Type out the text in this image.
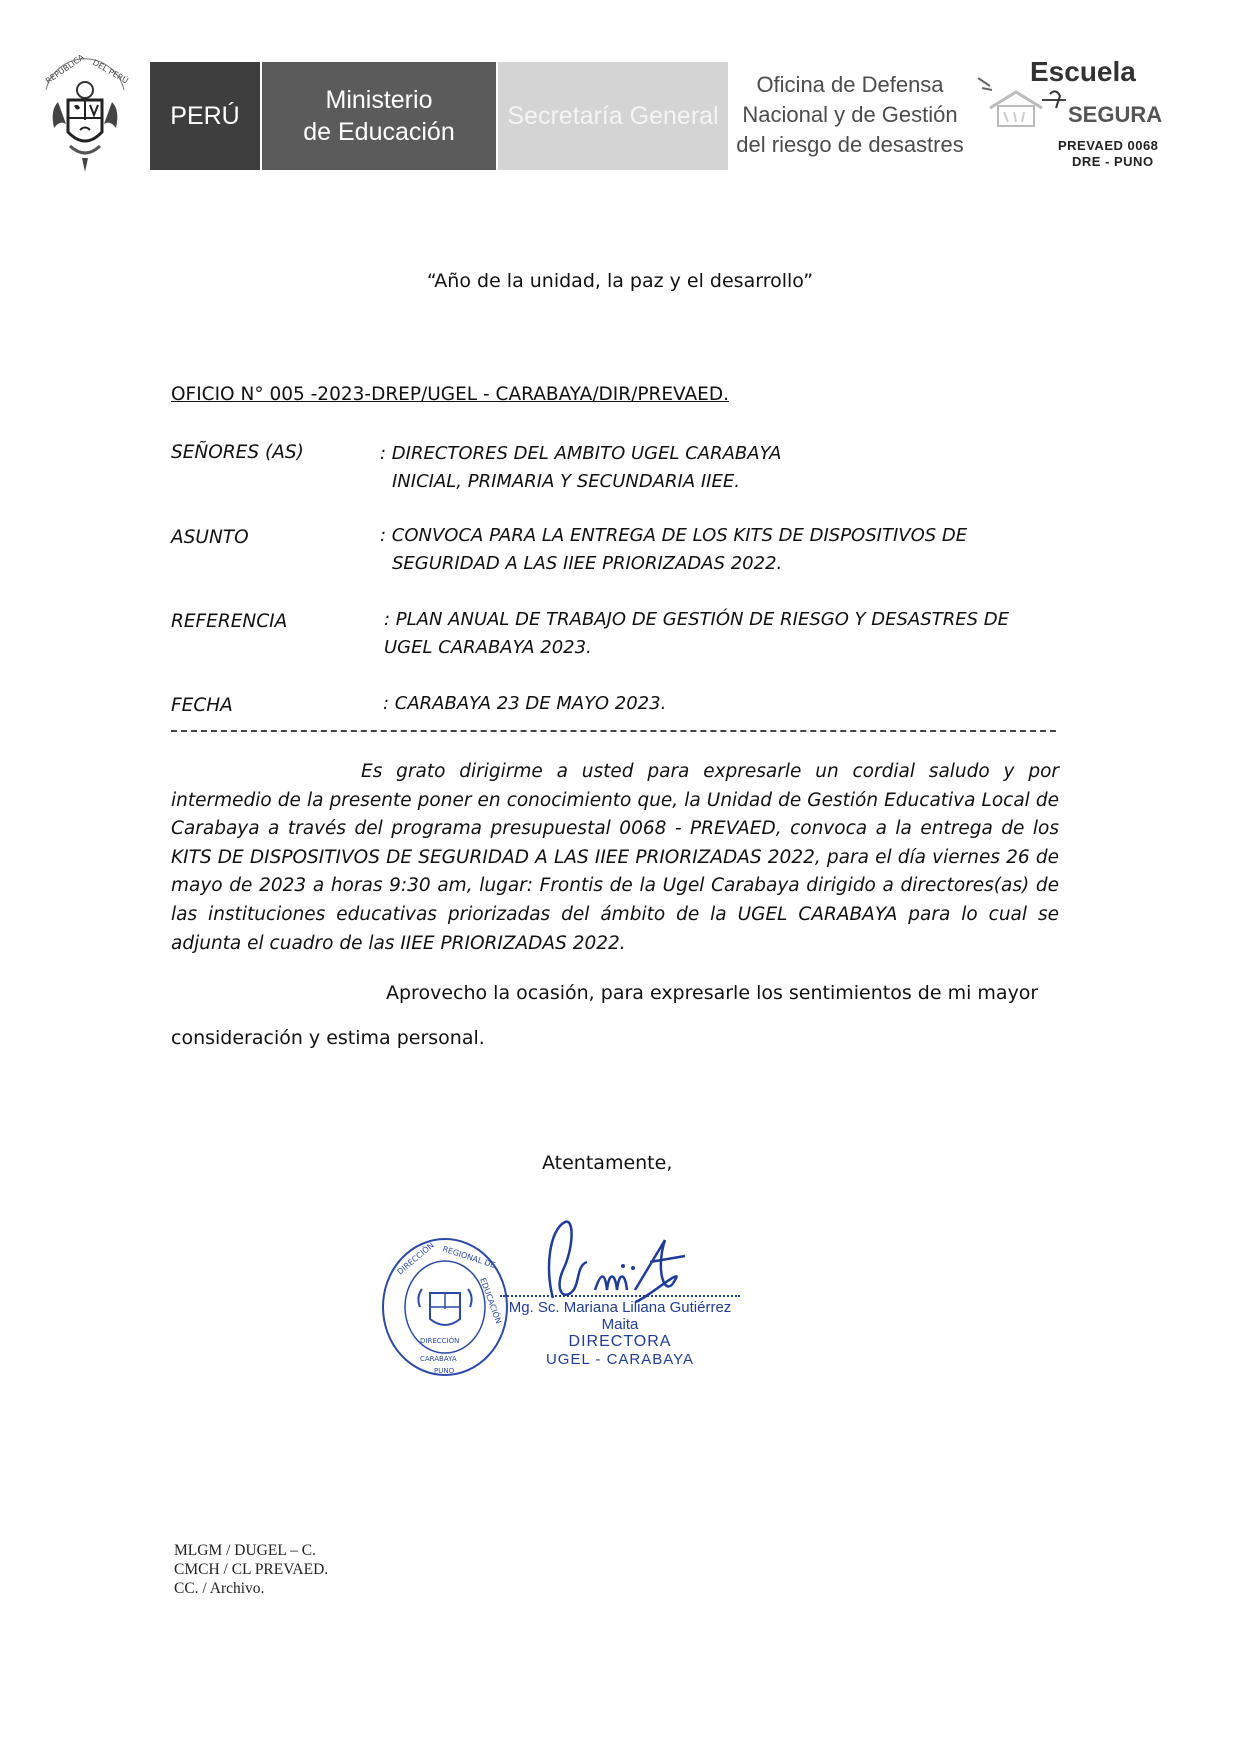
REPÚBLICA DEL PERÚ
PERÚ
Ministerio
de Educación
Secretaría General
Oficina de Defensa
Nacional y de Gestión
del riesgo de desastres
Escuela
SEGURA
PREVAED 0068
DRE - PUNO
“Año de la unidad, la paz y el desarrollo”
OFICIO N° 005 -2023-DREP/UGEL - CARABAYA/DIR/PREVAED.
SEÑORES (AS)	: DIRECTORES DEL AMBITO UGEL CARABAYA
INICIAL, PRIMARIA Y SECUNDARIA IIEE.
ASUNTO	: CONVOCA PARA LA ENTREGA DE LOS KITS DE DISPOSITIVOS DE
SEGURIDAD A LAS IIEE PRIORIZADAS 2022.
REFERENCIA	: PLAN ANUAL DE TRABAJO DE GESTIÓN DE RIESGO Y DESASTRES DE
UGEL CARABAYA 2023.
FECHA	: CARABAYA 23 DE MAYO 2023.
Es grato dirigirme a usted para expresarle un cordial saludo y por intermedio de la presente poner en conocimiento que, la Unidad de Gestión Educativa Local de Carabaya a través del programa presupuestal 0068 - PREVAED, convoca a la entrega de los KITS DE DISPOSITIVOS DE SEGURIDAD A LAS IIEE PRIORIZADAS 2022, para el día viernes 26 de mayo de 2023 a horas 9:30 am, lugar: Frontis de la Ugel Carabaya dirigido a directores(as) de las instituciones educativas priorizadas del ámbito de la UGEL CARABAYA para lo cual se adjunta el cuadro de las IIEE PRIORIZADAS 2022.
Aprovecho la ocasión, para expresarle los sentimientos de mi mayor
consideración y estima personal.
Atentamente,
DIRECCIÓN REGIONAL DE
EDUCACIÓN
DIRECCIÓN
CARABAYA
PUNO
Mg. Sc. Mariana Liliana Gutiérrez Maita
DIRECTORA
UGEL - CARABAYA
MLGM / DUGEL – C.
CMCH / CL PREVAED.
CC. / Archivo.
